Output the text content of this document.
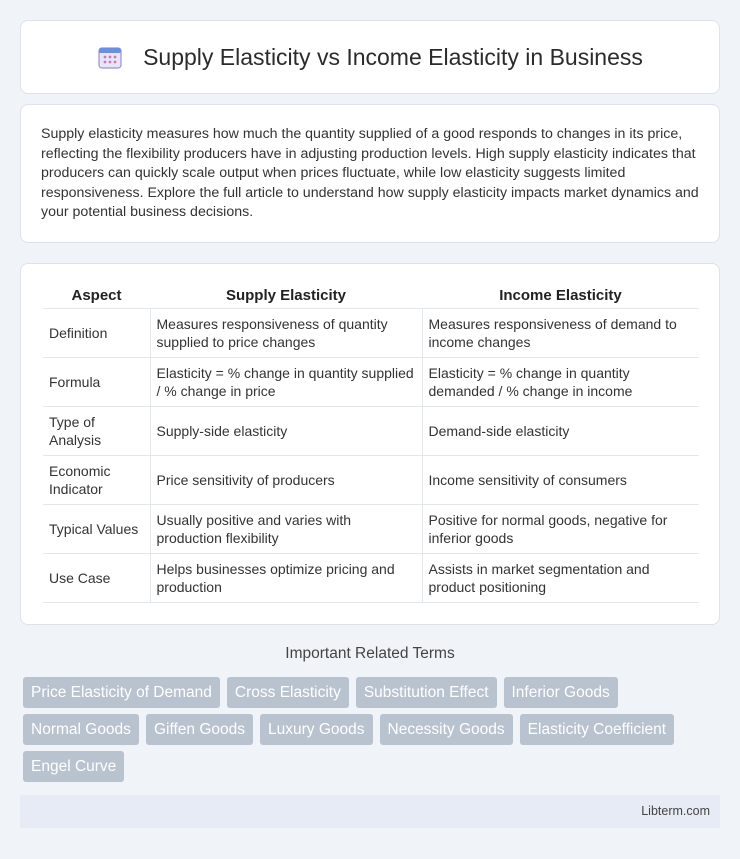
Supply Elasticity vs Income Elasticity in Business

Supply elasticity measures how much the quantity supplied of a good responds to changes in its price, reflecting the flexibility producers have in adjusting production levels. High supply elasticity indicates that producers can quickly scale output when prices fluctuate, while low elasticity suggests limited responsiveness. Explore the full article to understand how supply elasticity impacts market dynamics and your potential business decisions.

Aspect	Supply Elasticity	Income Elasticity
Definition	Measures responsiveness of quantity supplied to price changes	Measures responsiveness of demand to income changes
Formula	Elasticity = % change in quantity supplied / % change in price	Elasticity = % change in quantity demanded / % change in income
Type of Analysis	Supply-side elasticity	Demand-side elasticity
Economic Indicator	Price sensitivity of producers	Income sensitivity of consumers
Typical Values	Usually positive and varies with production flexibility	Positive for normal goods, negative for inferior goods
Use Case	Helps businesses optimize pricing and production	Assists in market segmentation and product positioning
Important Related Terms
Price Elasticity of Demand	Cross Elasticity	Substitution Effect	Inferior Goods
Normal Goods	Giffen Goods	Luxury Goods	Necessity Goods	Elasticity Coefficient
Engel Curve
Libterm.com
